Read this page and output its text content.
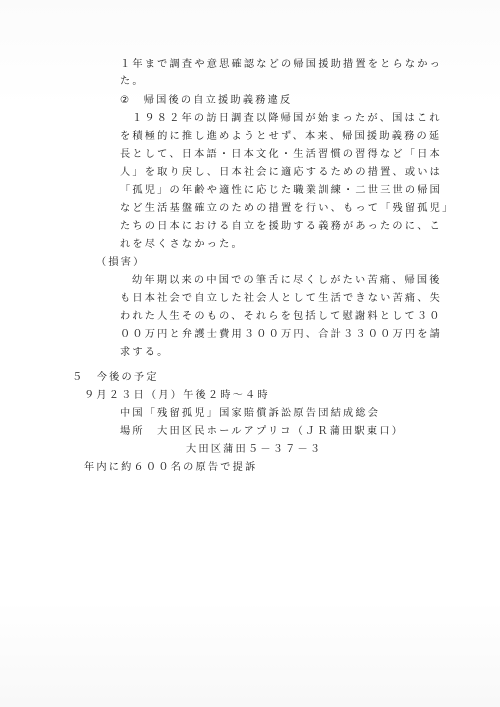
１年まで調査や意思確認などの帰国援助措置をとらなかっ
た。
②　帰国後の自立援助義務違反
１９８２年の訪日調査以降帰国が始まったが、国はこれ
を積極的に推し進めようとせず、本来、帰国援助義務の延
長として、日本語・日本文化・生活習慣の習得など「日本
人」を取り戻し、日本社会に適応するための措置、或いは
「孤児」の年齢や適性に応じた職業訓練・二世三世の帰国
など生活基盤確立のための措置を行い、もって「残留孤児」
たちの日本における自立を援助する義務があったのに、こ
れを尽くさなかった。
（損害）
幼年期以来の中国での筆舌に尽くしがたい苦痛、帰国後
も日本社会で自立した社会人として生活できない苦痛、失
われた人生そのもの、それらを包括して慰謝料として３０
００万円と弁護士費用３００万円、合計３３００万円を請
求する。
５　今後の予定
９月２３日（月）午後２時～４時
中国「残留孤児」国家賠償訴訟原告団結成総会
場所　大田区民ホールアプリコ（ＪＲ蒲田駅東口）
大田区蒲田５－３７－３
年内に約６００名の原告で提訴
